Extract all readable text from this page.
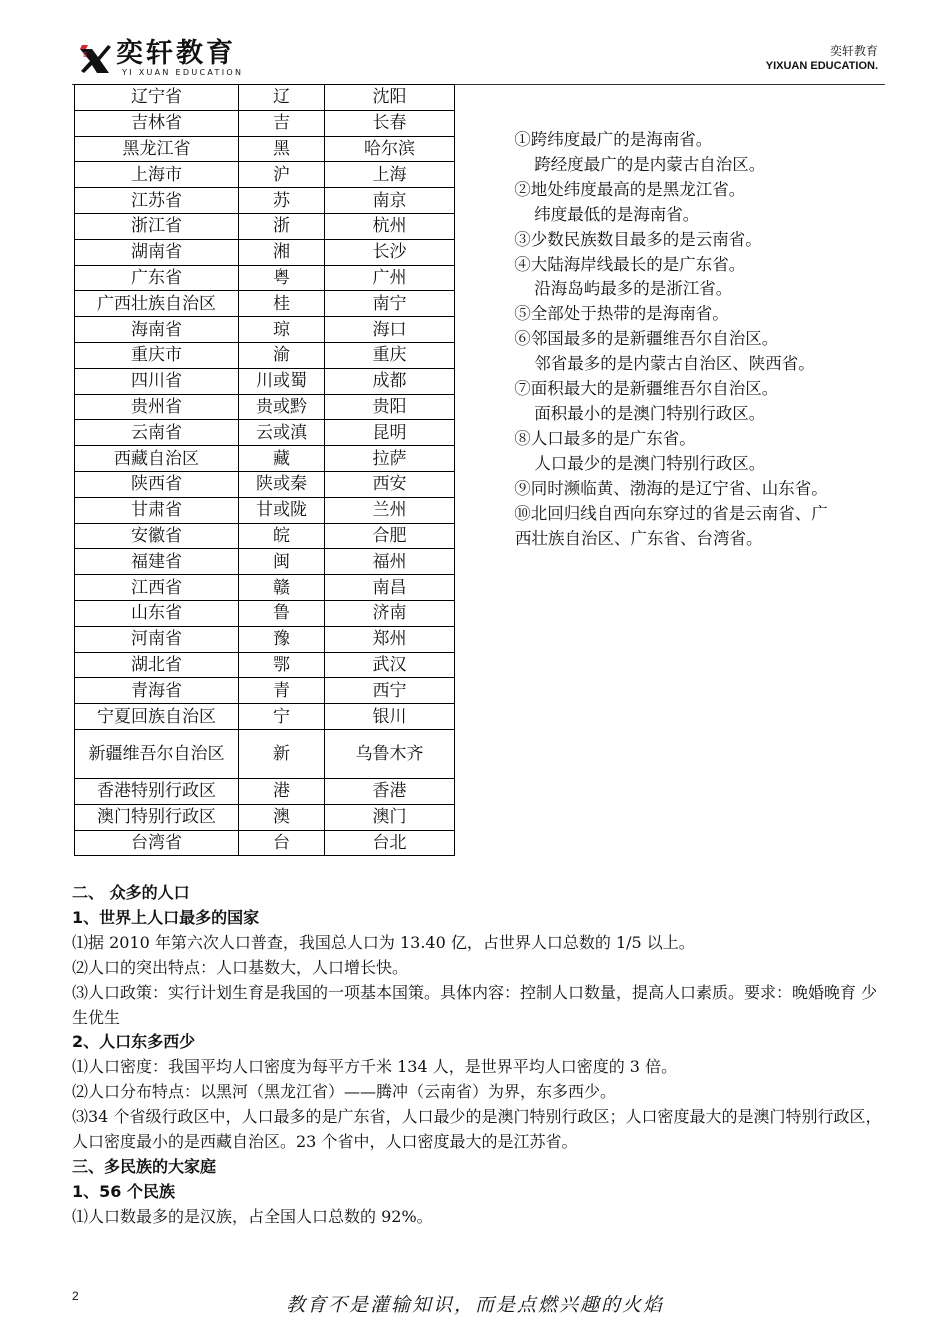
E 奕轩教育
YI XUAN EDUCATION
奕轩教育
YIXUAN EDUCATION.
辽宁省	辽	沈阳
吉林省	吉	长春
黑龙江省	黑	哈尔滨
上海市	沪	上海
江苏省	苏	南京
浙江省	浙	杭州
湖南省	湘	长沙
广东省	粤	广州
广西壮族自治区	桂	南宁
海南省	琼	海口
重庆市	渝	重庆
四川省	川或蜀	成都
贵州省	贵或黔	贵阳
云南省	云或滇	昆明
西藏自治区	藏	拉萨
陕西省	陕或秦	西安
甘肃省	甘或陇	兰州
安徽省	皖	合肥
福建省	闽	福州
江西省	赣	南昌
山东省	鲁	济南
河南省	豫	郑州
湖北省	鄂	武汉
青海省	青	西宁
宁夏回族自治区	宁	银川
新疆维吾尔自治区	新	乌鲁木齐
香港特别行政区	港	香港
澳门特别行政区	澳	澳门
台湾省	台	台北
①跨纬度最广的是海南省。
跨经度最广的是内蒙古自治区。
②地处纬度最高的是黑龙江省。
纬度最低的是海南省。
③少数民族数目最多的是云南省。
④大陆海岸线最长的是广东省。
沿海岛屿最多的是浙江省。
⑤全部处于热带的是海南省。
⑥邻国最多的是新疆维吾尔自治区。
邻省最多的是内蒙古自治区、陕西省。
⑦面积最大的是新疆维吾尔自治区。
面积最小的是澳门特别行政区。
⑧人口最多的是广东省。
人口最少的是澳门特别行政区。
⑨同时濒临黄、渤海的是辽宁省、山东省。
⑩北回归线自西向东穿过的省是云南省、广西壮族自治区、广东省、台湾省。
二、 众多的人口
1、世界上人口最多的国家

⑴据 2010 年第六次人口普查，我国总人口为 13.40 亿，占世界人口总数的 1/5 以上。

⑵人口的突出特点：人口基数大，人口增长快。

⑶人口政策：实行计划生育是我国的一项基本国策。具体内容：控制人口数量，提高人口素质。要求：晚婚晚育 少生优生

2、人口东多西少

⑴人口密度：我国平均人口密度为每平方千米 134 人，是世界平均人口密度的 3 倍。

⑵人口分布特点：以黑河（黑龙江省）——腾冲（云南省）为界，东多西少。

⑶34 个省级行政区中，人口最多的是广东省，人口最少的是澳门特别行政区；人口密度最大的是澳门特别行政区，人口密度最小的是西藏自治区。23 个省中，人口密度最大的是江苏省。

三、多民族的大家庭
1、56 个民族

⑴人口数最多的是汉族，占全国人口总数的 92%。

2	教育不是灌输知识，而是点燃兴趣的火焰
